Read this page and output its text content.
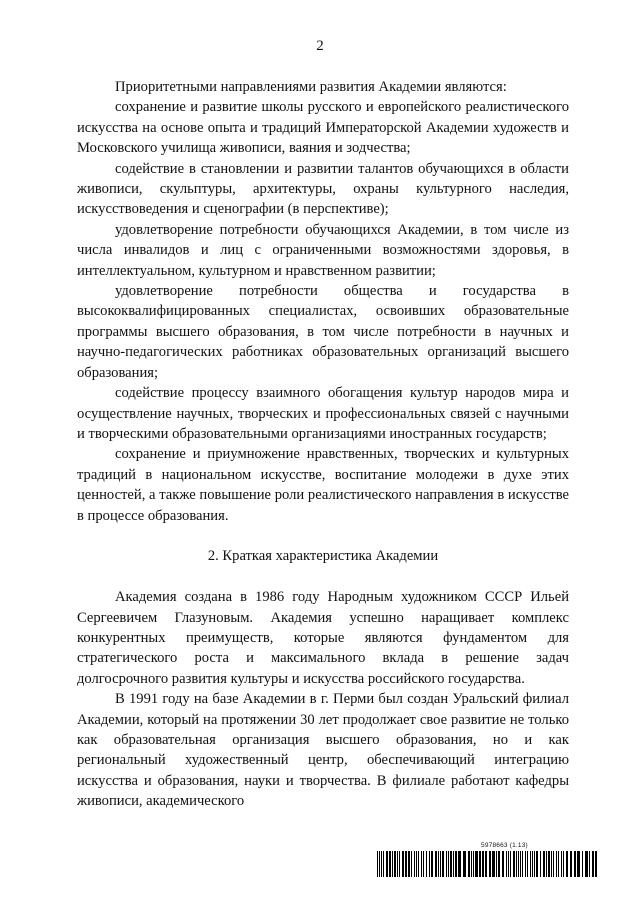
2

Приоритетными направлениями развития Академии являются:

сохранение и развитие школы русского и европейского реалистического искусства на основе опыта и традиций Императорской Академии художеств и Московского училища живописи, ваяния и зодчества;

содействие в становлении и развитии талантов обучающихся в области живописи, скульптуры, архитектуры, охраны культурного наследия, искусствоведения и сценографии (в перспективе);

удовлетворение потребности обучающихся Академии, в том числе из числа инвалидов и лиц с ограниченными возможностями здоровья, в интеллектуальном, культурном и нравственном развитии;

удовлетворение потребности общества и государства в высококвалифицированных специалистах, освоивших образовательные программы высшего образования, в том числе потребности в научных и научно-педагогических работниках образовательных организаций высшего образования;

содействие процессу взаимного обогащения культур народов мира и осуществление научных, творческих и профессиональных связей с научными и творческими образовательными организациями иностранных государств;

сохранение и приумножение нравственных, творческих и культурных традиций в национальном искусстве, воспитание молодежи в духе этих ценностей, а также повышение роли реалистического направления в искусстве в процессе образования.

2. Краткая характеристика Академии

Академия создана в 1986 году Народным художником СССР Ильей Сергеевичем Глазуновым. Академия успешно наращивает комплекс конкурентных преимуществ, которые являются фундаментом для стратегического роста и максимального вклада в решение задач долгосрочного развития культуры и искусства российского государства.

В 1991 году на базе Академии в г. Перми был создан Уральский филиал Академии, который на протяжении 30 лет продолжает свое развитие не только как образовательная организация высшего образования, но и как региональный художественный центр, обеспечивающий интеграцию искусства и образования, науки и творчества. В филиале работают кафедры живописи, академического

5978663 (1.13)
